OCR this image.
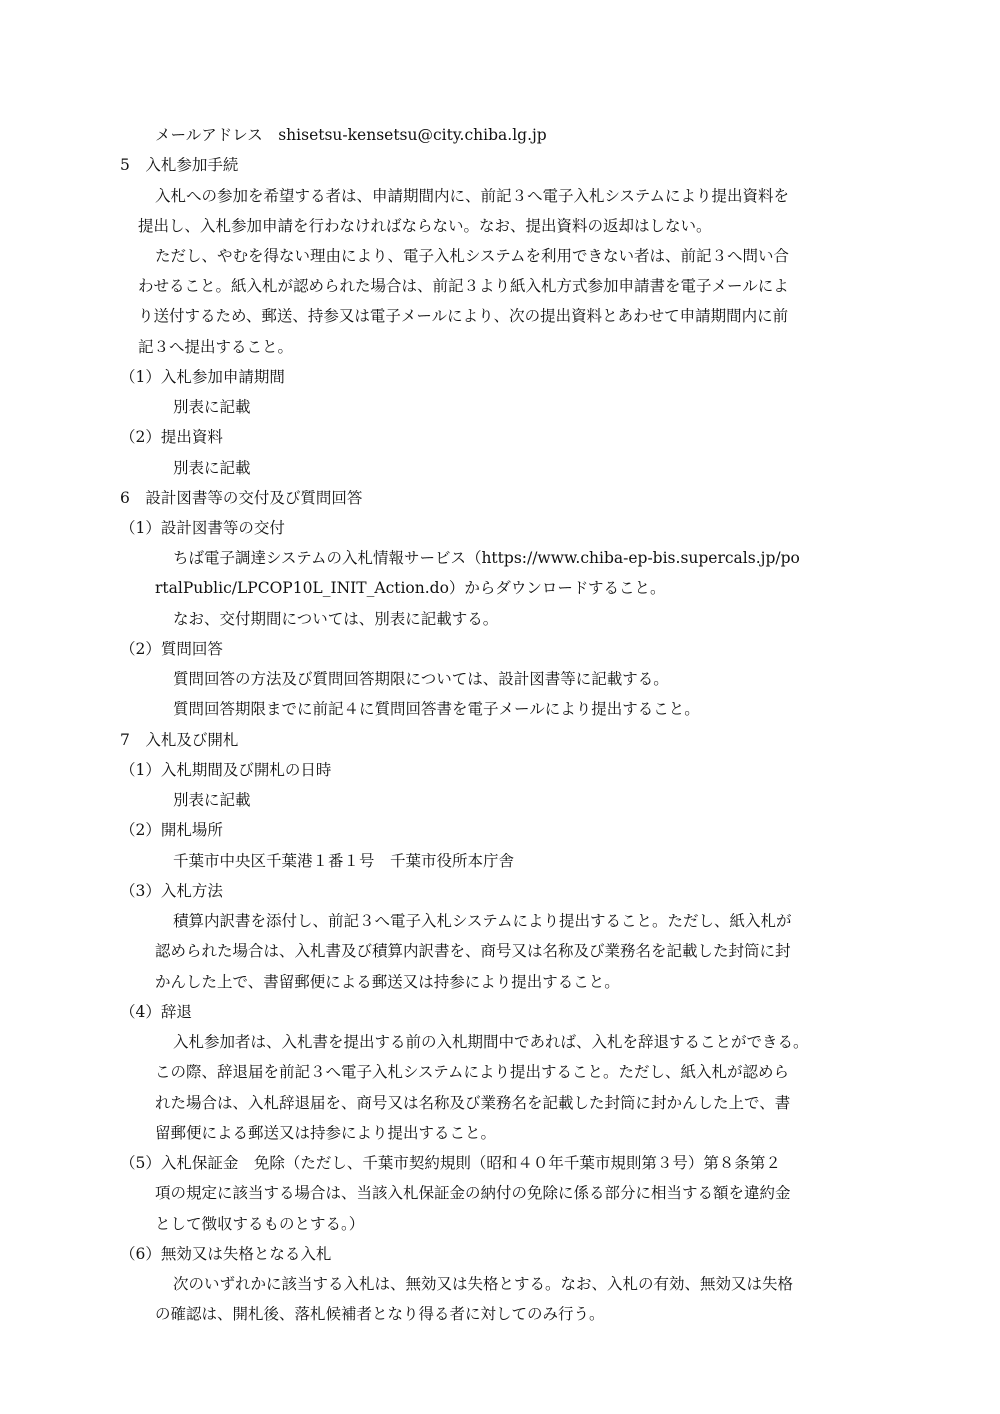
メールアドレス　shisetsu-kensetsu@city.chiba.lg.jp
5　入札参加手続
入札への参加を希望する者は、申請期間内に、前記３へ電子入札システムにより提出資料を
提出し、入札参加申請を行わなければならない。なお、提出資料の返却はしない。
ただし、やむを得ない理由により、電子入札システムを利用できない者は、前記３へ問い合
わせること。紙入札が認められた場合は、前記３より紙入札方式参加申請書を電子メールによ
り送付するため、郵送、持参又は電子メールにより、次の提出資料とあわせて申請期間内に前
記３へ提出すること。
（1）入札参加申請期間
別表に記載
（2）提出資料
別表に記載
6　設計図書等の交付及び質問回答
（1）設計図書等の交付
ちば電子調達システムの入札情報サービス（https://www.chiba-ep-bis.supercals.jp/po
rtalPublic/LPCOP10L_INIT_Action.do）からダウンロードすること。
なお、交付期間については、別表に記載する。
（2）質問回答
質問回答の方法及び質問回答期限については、設計図書等に記載する。
質問回答期限までに前記４に質問回答書を電子メールにより提出すること。
7　入札及び開札
（1）入札期間及び開札の日時
別表に記載
（2）開札場所
千葉市中央区千葉港１番１号　千葉市役所本庁舎
（3）入札方法
積算内訳書を添付し、前記３へ電子入札システムにより提出すること。ただし、紙入札が
認められた場合は、入札書及び積算内訳書を、商号又は名称及び業務名を記載した封筒に封
かんした上で、書留郵便による郵送又は持参により提出すること。
（4）辞退
入札参加者は、入札書を提出する前の入札期間中であれば、入札を辞退することができる。
この際、辞退届を前記３へ電子入札システムにより提出すること。ただし、紙入札が認めら
れた場合は、入札辞退届を、商号又は名称及び業務名を記載した封筒に封かんした上で、書
留郵便による郵送又は持参により提出すること。
（5）入札保証金　免除（ただし、千葉市契約規則（昭和４０年千葉市規則第３号）第８条第２
項の規定に該当する場合は、当該入札保証金の納付の免除に係る部分に相当する額を違約金
として徴収するものとする。）
（6）無効又は失格となる入札
次のいずれかに該当する入札は、無効又は失格とする。なお、入札の有効、無効又は失格
の確認は、開札後、落札候補者となり得る者に対してのみ行う。
